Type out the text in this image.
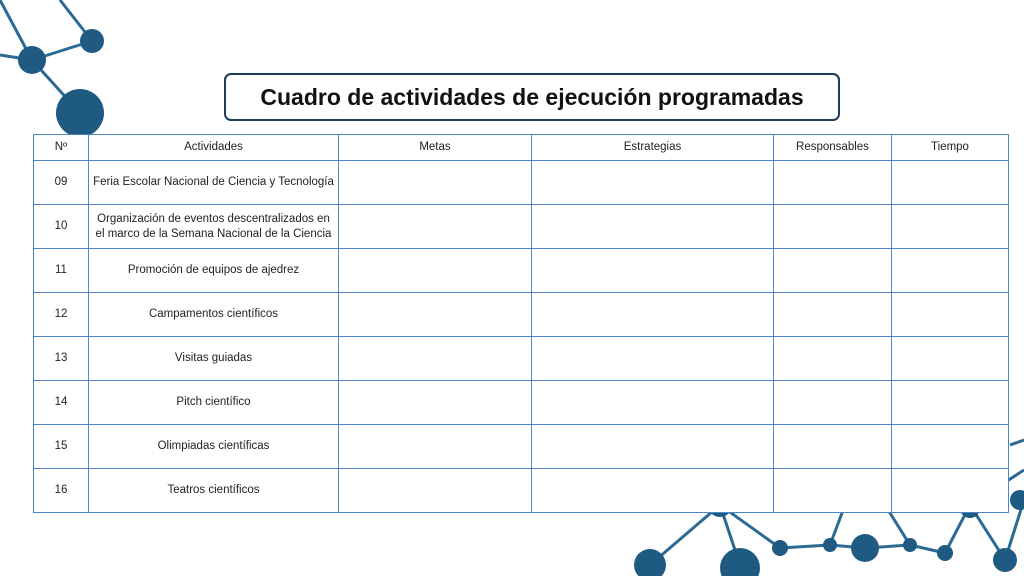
Cuadro de actividades de ejecución programadas
Nº	Actividades	Metas	Estrategias	Responsables	Tiempo
09	Feria Escolar Nacional de Ciencia y Tecnología				
10	Organización de eventos descentralizados en el marco de la Semana Nacional de la Ciencia				
11	Promoción de equipos de ajedrez				
12	Campamentos científicos				
13	Visitas guiadas				
14	Pitch científico				
15	Olimpiadas científicas				
16	Teatros científicos				
